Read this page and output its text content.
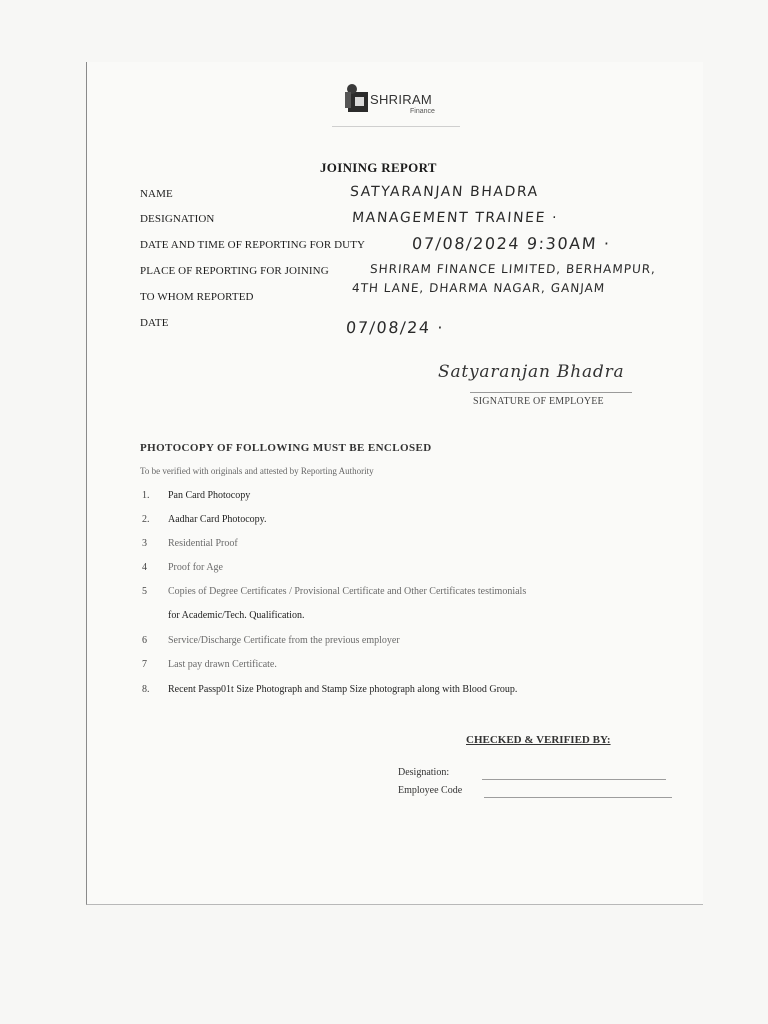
SHRIRAM
Finance
JOINING REPORT
NAME	SATYARANJAN BHADRA
DESIGNATION	MANAGEMENT TRAINEE ·
DATE AND TIME OF REPORTING FOR DUTY	07/08/2024 9:30AM ·
PLACE OF REPORTING FOR JOINING	SHRIRAM FINANCE LIMITED, BERHAMPUR,
4TH LANE, DHARMA NAGAR, GANJAM
TO WHOM REPORTED
DATE	07/08/24 ·
Satyaranjan Bhadra
SIGNATURE OF EMPLOYEE
PHOTOCOPY OF FOLLOWING MUST BE ENCLOSED
To be verified with originals and attested by Reporting Authority
1. Pan Card Photocopy
2. Aadhar Card Photocopy.
3 Residential Proof
4 Proof for Age
5 Copies of Degree Certificates / Provisional Certificate and Other Certificates testimonials
for Academic/Tech. Qualification.
6 Service/Discharge Certificate from the previous employer
7 Last pay drawn Certificate.
8. Recent Passp01t Size Photograph and Stamp Size photograph along with Blood Group.
CHECKED & VERIFIED BY:
Designation:
Employee Code
